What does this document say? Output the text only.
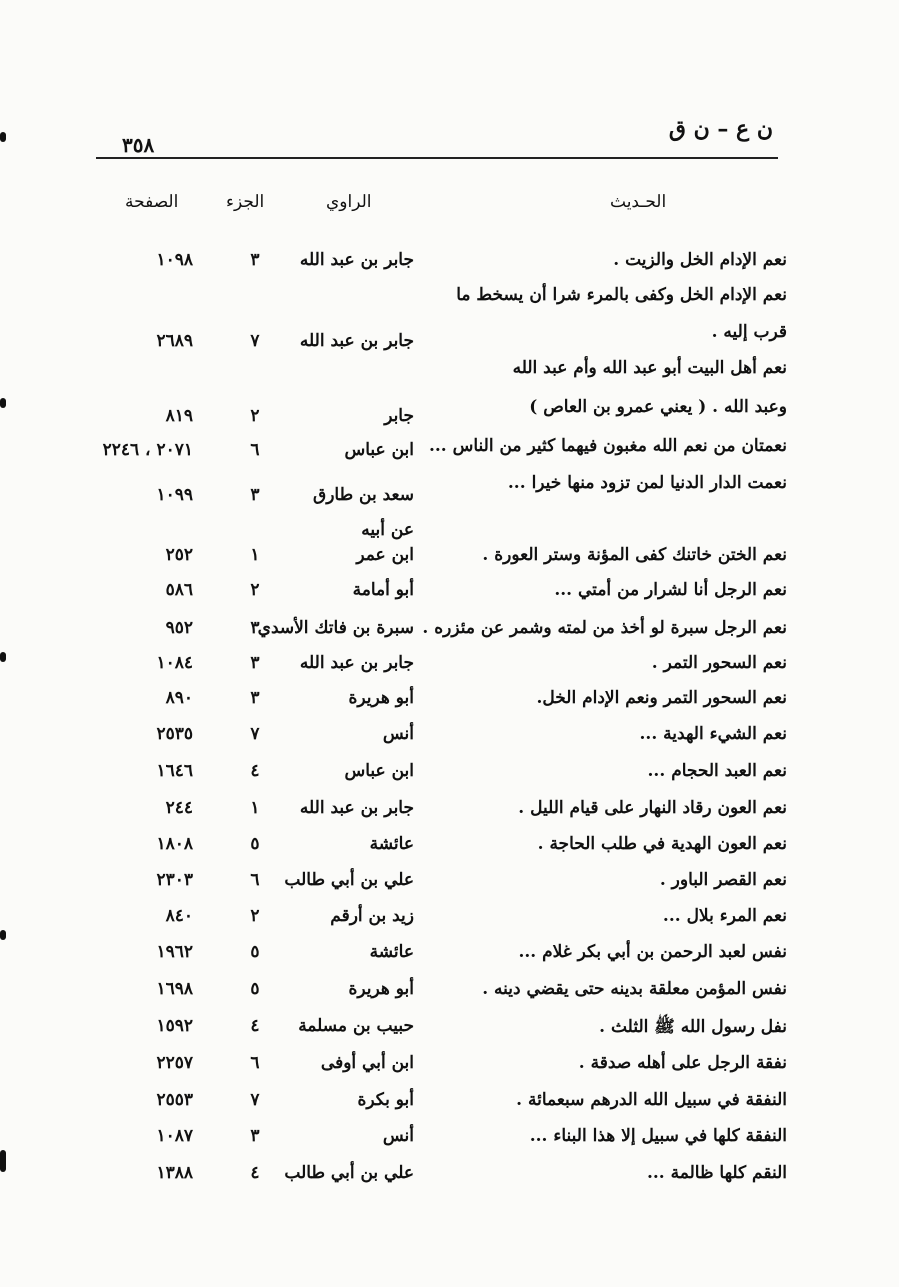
ن ع – ن ق
٣٥٨
الحـديث
الراوي
الجزء
الصفحة
نعم الإدام الخل والزيت .
جابر بن عبد الله
٣
١٠٩٨
نعم الإدام الخل وكفى بالمرء شرا أن يسخط ما
قرب إليه .
جابر بن عبد الله
٧
٢٦٨٩
نعم أهل البيت أبو عبد الله وأم عبد الله
وعبد الله . ( يعني عمرو بن العاص )
جابر
٢
٨١٩
نعمتان من نعم الله مغبون فيهما كثير من الناس ...
ابن عباس
٦
٢٠٧١ ، ٢٢٤٦
نعمت الدار الدنيا لمن تزود منها خيرا ...
سعد بن طارق
٣
١٠٩٩
عن أبيه
نعم الختن خاتنك كفى المؤنة وستر العورة .
ابن عمر
١
٢٥٢
نعم الرجل أنا لشرار من أمتي ...
أبو أمامة
٢
٥٨٦
نعم الرجل سبرة لو أخذ من لمته وشمر عن مئزره .
سبرة بن فاتك الأسدي
٣
٩٥٢
نعم السحور التمر .
جابر بن عبد الله
٣
١٠٨٤
نعم السحور التمر ونعم الإدام الخل.
أبو هريرة
٣
٨٩٠
نعم الشيء الهدية ...
أنس
٧
٢٥٣٥
نعم العبد الحجام ...
ابن عباس
٤
١٦٤٦
نعم العون رقاد النهار على قيام الليل .
جابر بن عبد الله
١
٢٤٤
نعم العون الهدية في طلب الحاجة .
عائشة
٥
١٨٠٨
نعم القصر الباور .
علي بن أبي طالب
٦
٢٣٠٣
نعم المرء بلال ...
زيد بن أرقم
٢
٨٤٠
نفس لعبد الرحمن بن أبي بكر غلام ...
عائشة
٥
١٩٦٢
نفس المؤمن معلقة بدينه حتى يقضي دينه .
أبو هريرة
٥
١٦٩٨
نفل رسول الله ﷺ الثلث .
حبيب بن مسلمة
٤
١٥٩٢
نفقة الرجل على أهله صدقة .
ابن أبي أوفى
٦
٢٢٥٧
النفقة في سبيل الله الدرهم سبعمائة .
أبو بكرة
٧
٢٥٥٣
النفقة كلها في سبيل إلا هذا البناء ...
أنس
٣
١٠٨٧
النقم كلها ظالمة ...
علي بن أبي طالب
٤
١٣٨٨
